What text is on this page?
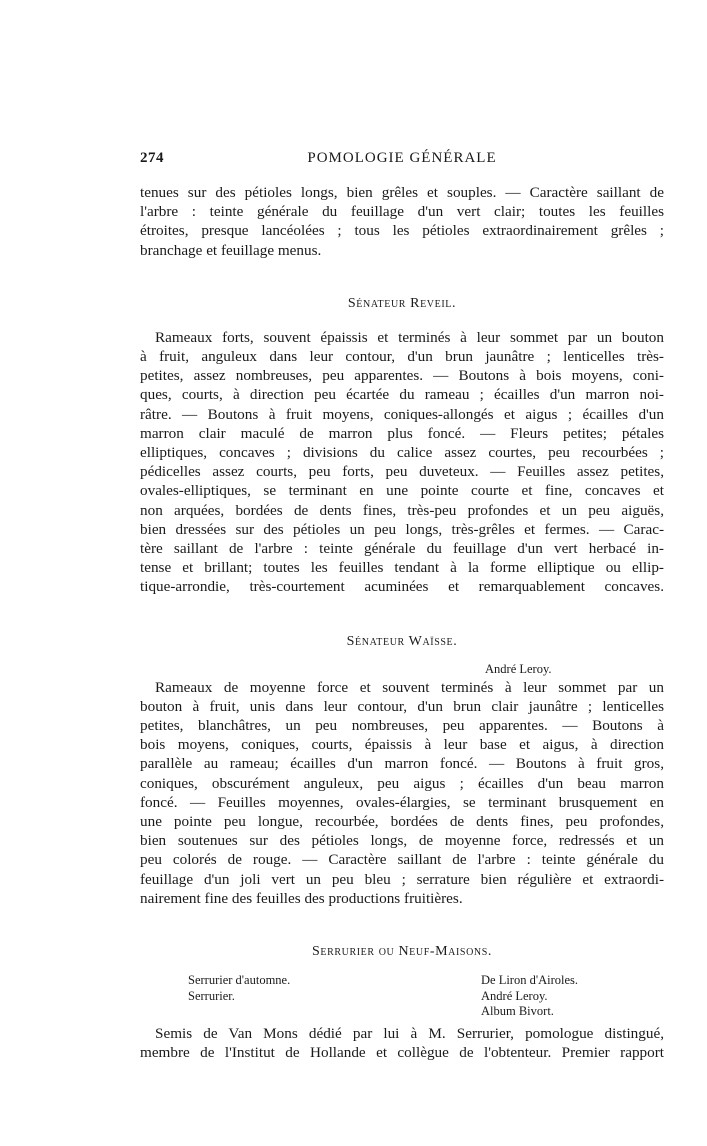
274	POMOLOGIE GÉNÉRALE
tenues sur des pétioles longs, bien grêles et souples. — Caractère saillant de
l'arbre : teinte générale du feuillage d'un vert clair; toutes les feuilles
étroites, presque lancéolées ; tous les pétioles extraordinairement grêles ;
branchage et feuillage menus.
Sénateur Reveil.
Rameaux forts, souvent épaissis et terminés à leur sommet par un bouton
à fruit, anguleux dans leur contour, d'un brun jaunâtre ; lenticelles très-
petites, assez nombreuses, peu apparentes. — Boutons à bois moyens, coni-
ques, courts, à direction peu écartée du rameau ; écailles d'un marron noi-
râtre. — Boutons à fruit moyens, coniques-allongés et aigus ; écailles d'un
marron clair maculé de marron plus foncé. — Fleurs petites; pétales
elliptiques, concaves ; divisions du calice assez courtes, peu recourbées ;
pédicelles assez courts, peu forts, peu duveteux. — Feuilles assez petites,
ovales-elliptiques, se terminant en une pointe courte et fine, concaves et
non arquées, bordées de dents fines, très-peu profondes et un peu aiguës,
bien dressées sur des pétioles un peu longs, très-grêles et fermes. — Carac-
tère saillant de l'arbre : teinte générale du feuillage d'un vert herbacé in-
tense et brillant; toutes les feuilles tendant à la forme elliptique ou ellip-
tique-arrondie, très-courtement acuminées et remarquablement concaves.
Sénateur Waïsse.
André Leroy.
Rameaux de moyenne force et souvent terminés à leur sommet par un
bouton à fruit, unis dans leur contour, d'un brun clair jaunâtre ; lenticelles
petites, blanchâtres, un peu nombreuses, peu apparentes. — Boutons à
bois moyens, coniques, courts, épaissis à leur base et aigus, à direction
parallèle au rameau; écailles d'un marron foncé. — Boutons à fruit gros,
coniques, obscurément anguleux, peu aigus ; écailles d'un beau marron
foncé. — Feuilles moyennes, ovales-élargies, se terminant brusquement en
une pointe peu longue, recourbée, bordées de dents fines, peu profondes,
bien soutenues sur des pétioles longs, de moyenne force, redressés et un
peu colorés de rouge. — Caractère saillant de l'arbre : teinte générale du
feuillage d'un joli vert un peu bleu ; serrature bien régulière et extraordi-
nairement fine des feuilles des productions fruitières.
Serrurier ou Neuf-Maisons.
Serrurier d'automne.
Serrurier.
De Liron d'Airoles.
André Leroy.
Album Bivort.
Semis de Van Mons dédié par lui à M. Serrurier, pomologue distingué,
membre de l'Institut de Hollande et collègue de l'obtenteur. Premier rapport
